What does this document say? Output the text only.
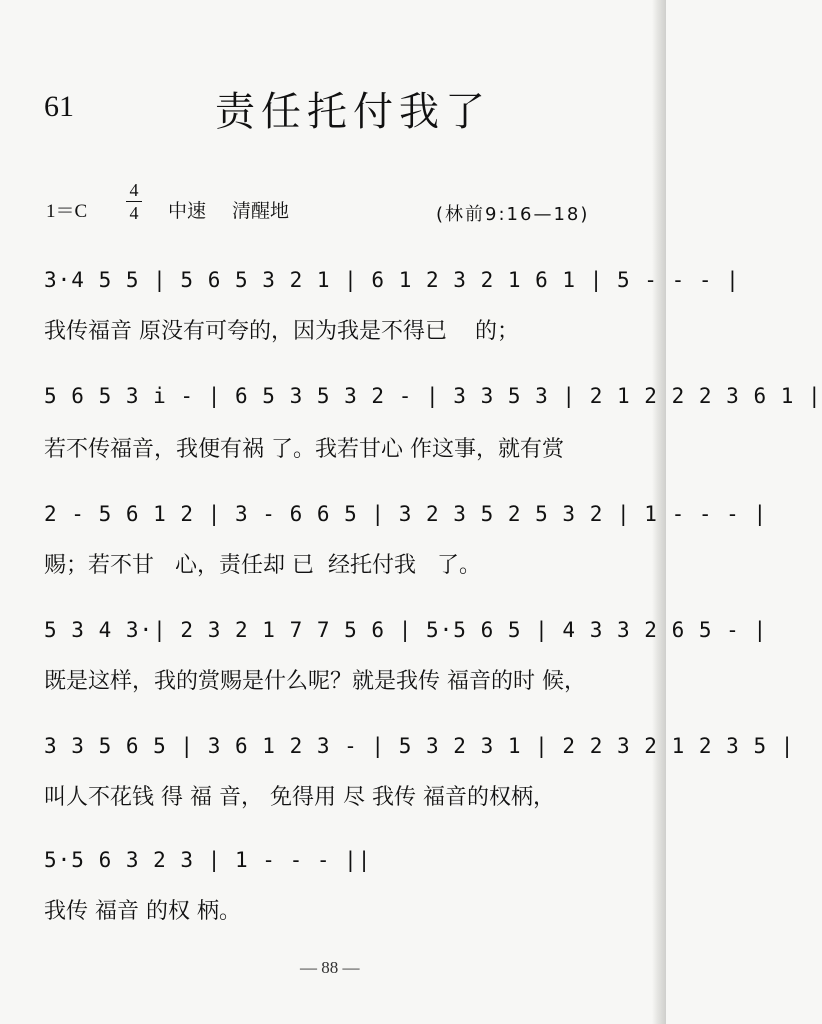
61	责任托付我了
1＝C
4
4 中速 清醒地	(林前9:16—18)
3·4 5 5 | 5 6 5 3 2 1 | 6 1 2 3 2 1 6 1 | 5 - - - |
我传福音 原没有可夸的，因为我是不得已    的；
5 6 5 3 i - | 6 5 3 5 3 2 - | 3 3 5 3 | 2 1 2 2 2 3 6 1 |
若不传福音，我便有祸 了。我若甘心 作这事，就有赏
2 - 5 6 1 2 | 3 - 6 6 5 | 3 2 3 5 2 5 3 2 | 1 - - - |
赐；若不甘   心，责任却 已  经托付我   了。
5 3 4 3·| 2 3 2 1 7 7 5 6 | 5·5 6 5 | 4 3 3 2 6 5 - |
既是这样，我的赏赐是什么呢？就是我传 福音的时 候，
3 3 5 6 5 | 3 6 1 2 3 - | 5 3 2 3 1 | 2 2 3 2 1 2 3 5 |
叫人不花钱 得 福 音， 免得用 尽 我传 福音的权柄，
5·5 6 3 2 3 | 1 - - - ||
我传 福音 的权 柄。
— 88 —
